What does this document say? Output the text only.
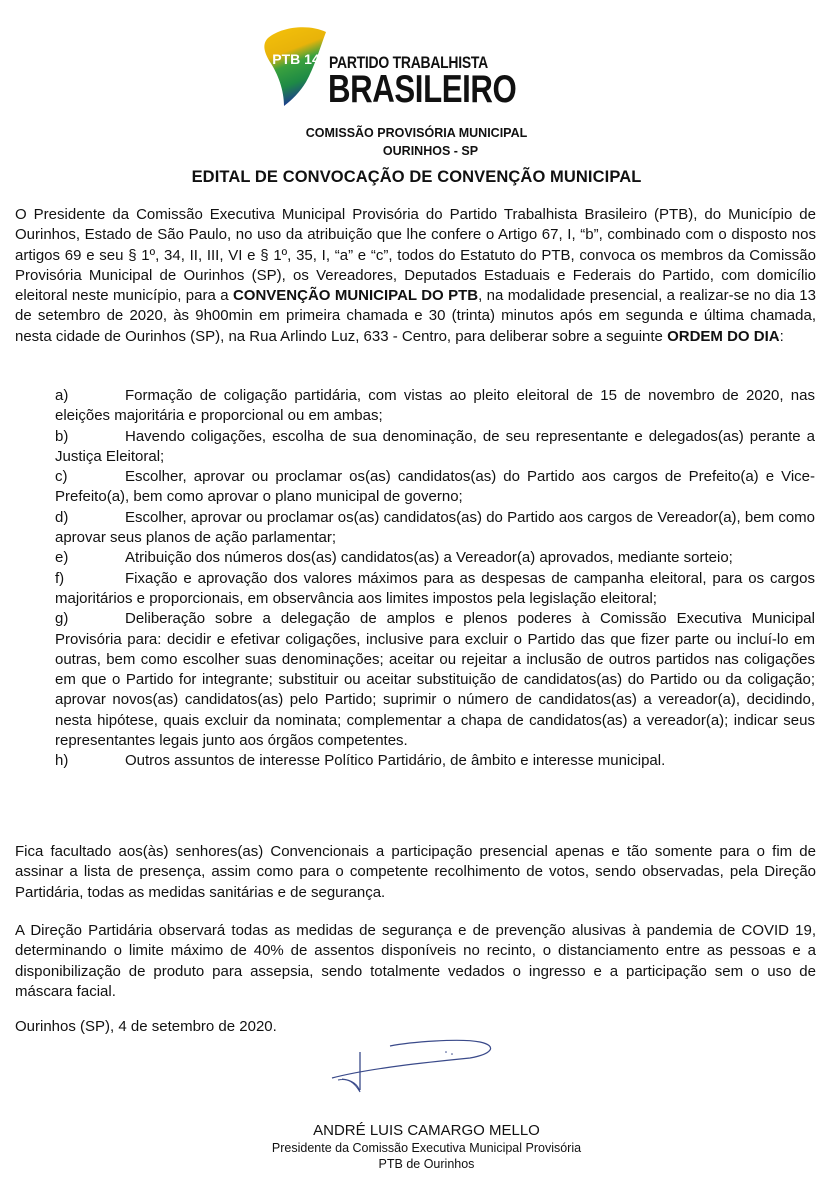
PTB 14 PARTIDO TRABALHISTA
BRASILEIRO
COMISSÃO PROVISÓRIA MUNICIPAL
OURINHOS - SP
EDITAL DE CONVOCAÇÃO DE CONVENÇÃO MUNICIPAL
O Presidente da Comissão Executiva Municipal Provisória do Partido Trabalhista Brasileiro (PTB), do Município de Ourinhos, Estado de São Paulo, no uso da atribuição que lhe confere o Artigo 67, I, “b”, combinado com o disposto nos artigos 69 e seu § 1º, 34, II, III, VI e § 1º, 35, I, “a” e “c”, todos do Estatuto do PTB, convoca os membros da Comissão Provisória Municipal de Ourinhos (SP), os Vereadores, Deputados Estaduais e Federais do Partido, com domicílio eleitoral neste município, para a CONVENÇÃO MUNICIPAL DO PTB, na modalidade presencial, a realizar-se no dia 13 de setembro de 2020, às 9h00min em primeira chamada e 30 (trinta) minutos após em segunda e última chamada, nesta cidade de Ourinhos (SP), na Rua Arlindo Luz, 633 - Centro, para deliberar sobre a seguinte ORDEM DO DIA:

a)	Formação de coligação partidária, com vistas ao pleito eleitoral de 15 de novembro de 2020, nas eleições majoritária e proporcional ou em ambas;

b)	Havendo coligações, escolha de sua denominação, de seu representante e delegados(as) perante a Justiça Eleitoral;

c)	Escolher, aprovar ou proclamar os(as) candidatos(as) do Partido aos cargos de Prefeito(a) e Vice-Prefeito(a), bem como aprovar o plano municipal de governo;

d)	Escolher, aprovar ou proclamar os(as) candidatos(as) do Partido aos cargos de Vereador(a), bem como aprovar seus planos de ação parlamentar;

e)	Atribuição dos números dos(as) candidatos(as) a Vereador(a) aprovados, mediante sorteio;

f)	Fixação e aprovação dos valores máximos para as despesas de campanha eleitoral, para os cargos majoritários e proporcionais, em observância aos limites impostos pela legislação eleitoral;

g)	Deliberação sobre a delegação de amplos e plenos poderes à Comissão Executiva Municipal Provisória para: decidir e efetivar coligações, inclusive para excluir o Partido das que fizer parte ou incluí-lo em outras, bem como escolher suas denominações; aceitar ou rejeitar a inclusão de outros partidos nas coligações em que o Partido for integrante; substituir ou aceitar substituição de candidatos(as) do Partido ou da coligação; aprovar novos(as) candidatos(as) pelo Partido; suprimir o número de candidatos(as) a vereador(a), decidindo, nesta hipótese, quais excluir da nominata; complementar a chapa de candidatos(as) a vereador(a); indicar seus representantes legais junto aos órgãos competentes.

h)	Outros assuntos de interesse Político Partidário, de âmbito e interesse municipal.

Fica facultado aos(às) senhores(as) Convencionais a participação presencial apenas e tão somente para o fim de assinar a lista de presença, assim como para o competente recolhimento de votos, sendo observadas, pela Direção Partidária, todas as medidas sanitárias e de segurança.
A Direção Partidária observará todas as medidas de segurança e de prevenção alusivas à pandemia de COVID 19, determinando o limite máximo de 40% de assentos disponíveis no recinto, o distanciamento entre as pessoas e a disponibilização de produto para assepsia, sendo totalmente vedados o ingresso e a participação sem o uso de máscara facial.
Ourinhos (SP), 4 de setembro de 2020.
ANDRÉ LUIS CAMARGO MELLO
Presidente da Comissão Executiva Municipal Provisória
PTB de Ourinhos
